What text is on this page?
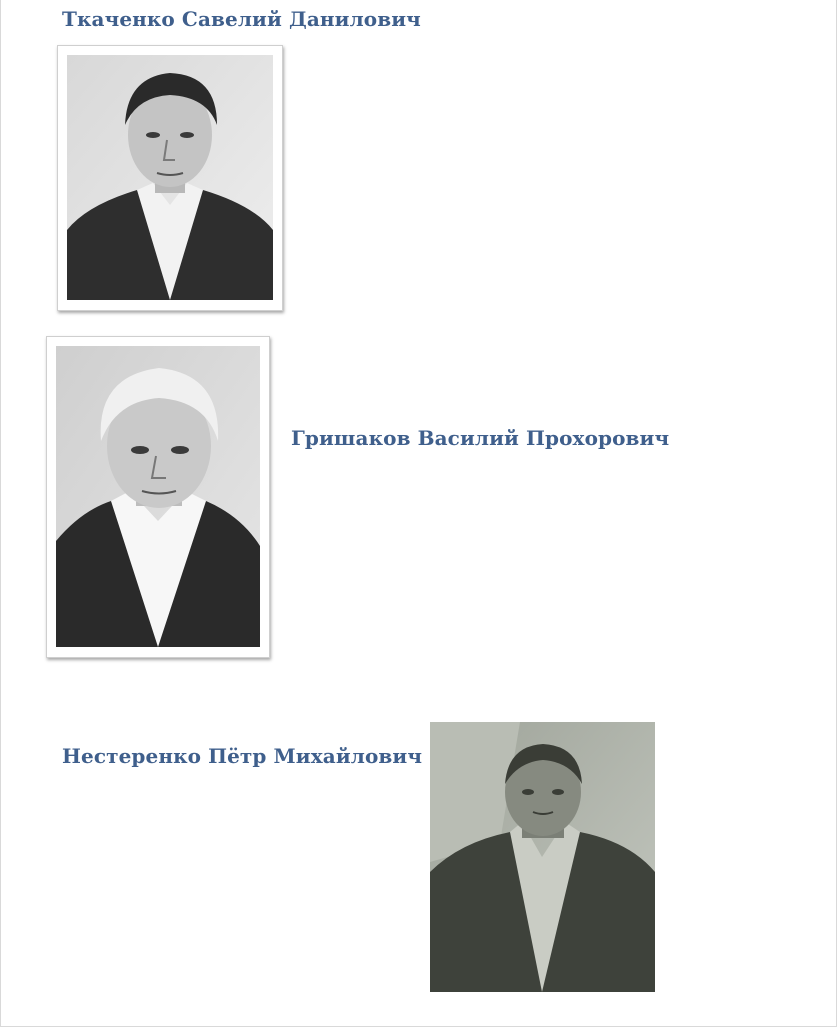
Ткаченко Савелий Данилович
Гришаков Василий Прохорович
Нестеренко Пётр Михайлович
